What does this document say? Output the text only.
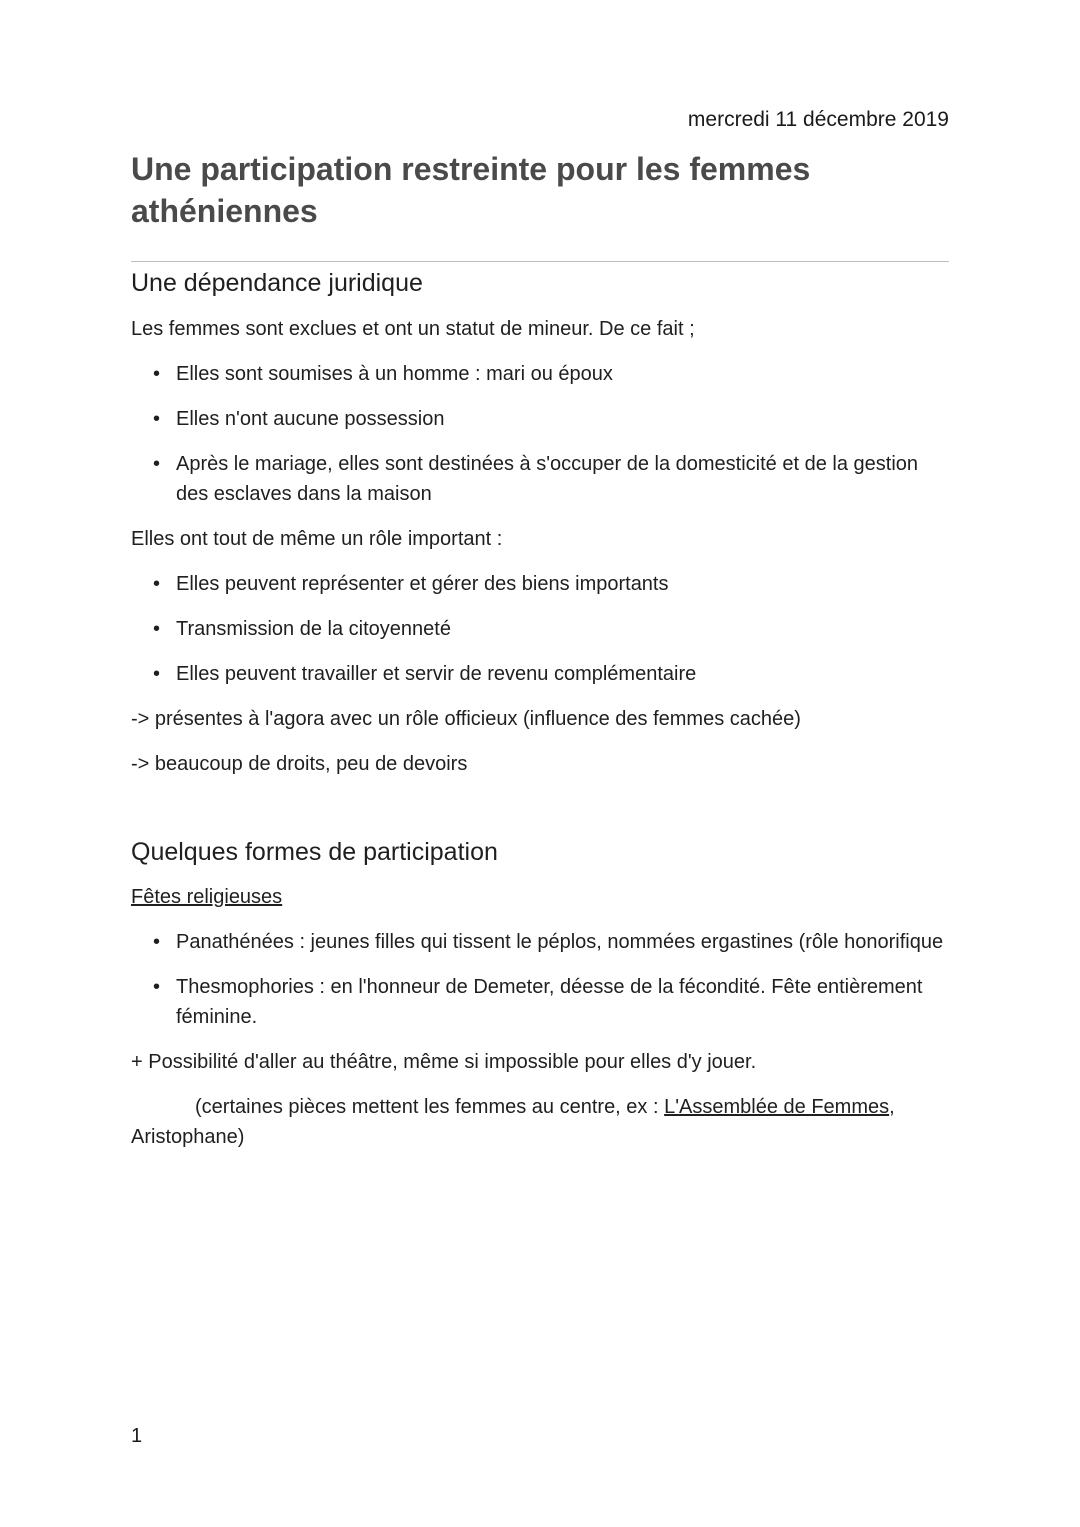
mercredi 11 décembre 2019
Une participation restreinte pour les femmes athéniennes
Une dépendance juridique

Les femmes sont exclues et ont un statut de mineur. De ce fait ;

• Elles sont soumises à un homme : mari ou époux
• Elles n'ont aucune possession
• Après le mariage, elles sont destinées à s'occuper de la domesticité et de la gestion des esclaves dans la maison

Elles ont tout de même un rôle important :

• Elles peuvent représenter et gérer des biens importants
• Transmission de la citoyenneté
• Elles peuvent travailler et servir de revenu complémentaire

-> présentes à l'agora avec un rôle officieux (influence des femmes cachée)

-> beaucoup de droits, peu de devoirs

Quelques formes de participation

Fêtes religieuses

• Panathénées : jeunes filles qui tissent le péplos, nommées ergastines (rôle honorifique
• Thesmophories : en l'honneur de Demeter, déesse de la fécondité. Fête entièrement féminine.

+ Possibilité d'aller au théâtre, même si impossible pour elles d'y jouer.

(certaines pièces mettent les femmes au centre, ex : L'Assemblée de Femmes, Aristophane)

1
